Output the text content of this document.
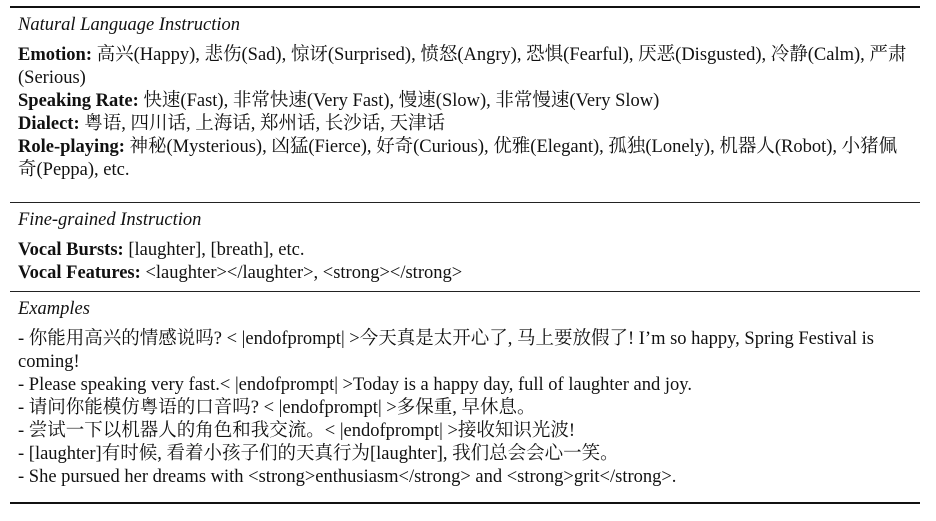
Natural Language Instruction
Emotion: 高兴(Happy), 悲伤(Sad), 惊讶(Surprised), 愤怒(Angry), 恐惧(Fearful), 厌恶(Disgusted), 冷静(Calm), 严肃(Serious)
Speaking Rate: 快速(Fast), 非常快速(Very Fast), 慢速(Slow), 非常慢速(Very Slow)
Dialect: 粤语, 四川话, 上海话, 郑州话, 长沙话, 天津话
Role-playing: 神秘(Mysterious), 凶猛(Fierce), 好奇(Curious), 优雅(Elegant), 孤独(Lonely), 机器人(Robot), 小猪佩奇(Peppa), etc.
Fine-grained Instruction
Vocal Bursts: [laughter], [breath], etc.
Vocal Features: <laughter></laughter>, <strong></strong>
Examples
- 你能用高兴的情感说吗? < |endofprompt| >今天真是太开心了, 马上要放假了! I’m so happy, Spring Festival is coming!
- Please speaking very fast.< |endofprompt| >Today is a happy day, full of laughter and joy.
- 请问你能模仿粤语的口音吗? < |endofprompt| >多保重, 早休息。
- 尝试一下以机器人的角色和我交流。< |endofprompt| >接收知识光波!
- [laughter]有时候, 看着小孩子们的天真行为[laughter], 我们总会会心一笑。
- She pursued her dreams with <strong>enthusiasm</strong> and <strong>grit</strong>.
